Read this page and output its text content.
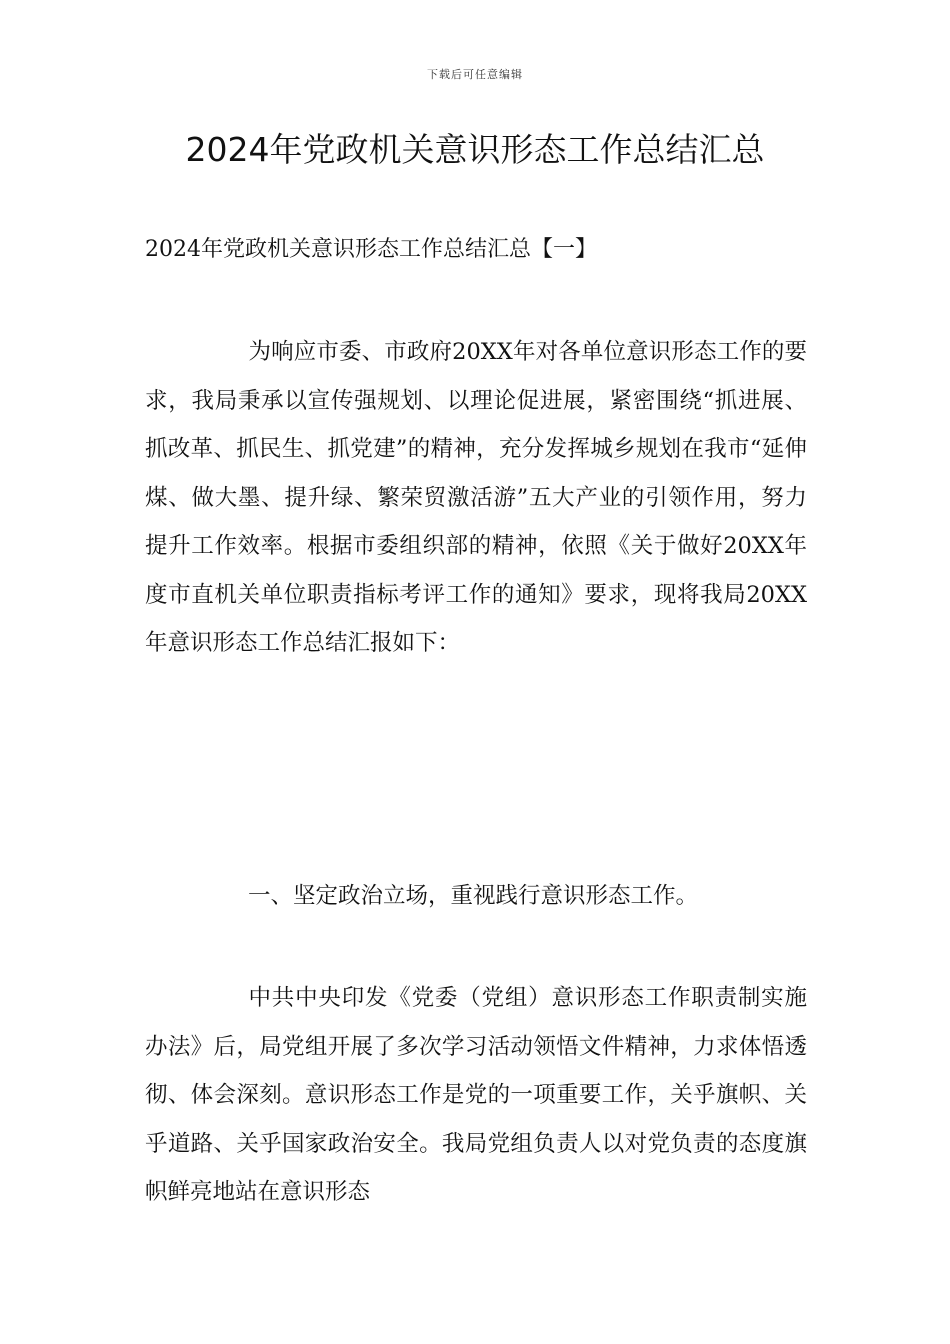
下载后可任意编辑
2024年党政机关意识形态工作总结汇总

2024年党政机关意识形态工作总结汇总【一】

为响应市委、市政府20XX年对各单位意识形态工作的要求，我局秉承以宣传强规划、以理论促进展，紧密围绕“抓进展、抓改革、抓民生、抓党建”的精神，充分发挥城乡规划在我市“延伸煤、做大墨、提升绿、繁荣贸激活游”五大产业的引领作用，努力提升工作效率。根据市委组织部的精神，依照《关于做好20XX年度市直机关单位职责指标考评工作的通知》要求，现将我局20XX年意识形态工作总结汇报如下：

一、坚定政治立场，重视践行意识形态工作。

中共中央印发《党委（党组）意识形态工作职责制实施办法》后，局党组开展了多次学习活动领悟文件精神，力求体悟透彻、体会深刻。意识形态工作是党的一项重要工作，关乎旗帜、关乎道路、关乎国家政治安全。我局党组负责人以对党负责的态度旗帜鲜亮地站在意识形态
